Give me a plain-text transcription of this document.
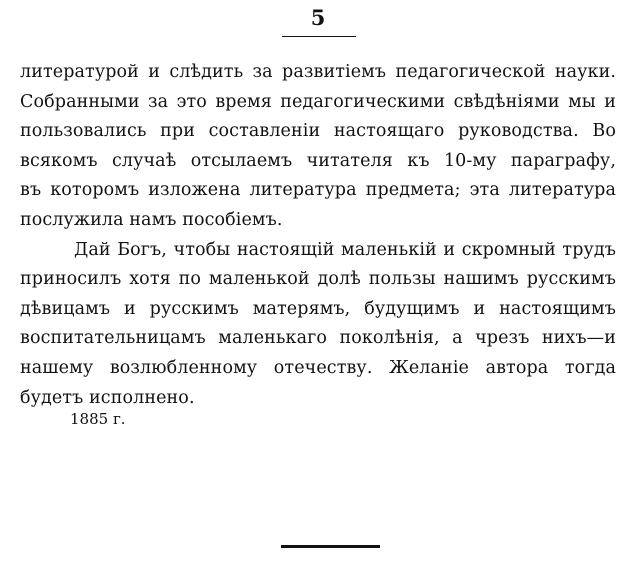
5

литературой и слѣдить за развитіемъ педагогической науки.
Собранными за это время педагогическими свѣдѣніями мы и
пользовались при составленіи настоящаго руководства. Во
всякомъ случаѣ отсылаемъ читателя къ 10-му параграфу,
въ которомъ изложена литература предмета; эта литература
послужила намъ пособіемъ.

Дай Богъ, чтобы настоящій маленькій и скромный трудъ
приносилъ хотя по маленькой долѣ пользы нашимъ русскимъ
дѣвицамъ и русскимъ матерямъ, будущимъ и настоящимъ
воспитательницамъ маленькаго поколѣнія, а чрезъ нихъ—и
нашему возлюбленному отечеству. Желаніе автора тогда
будетъ исполнено.

1885 г.
